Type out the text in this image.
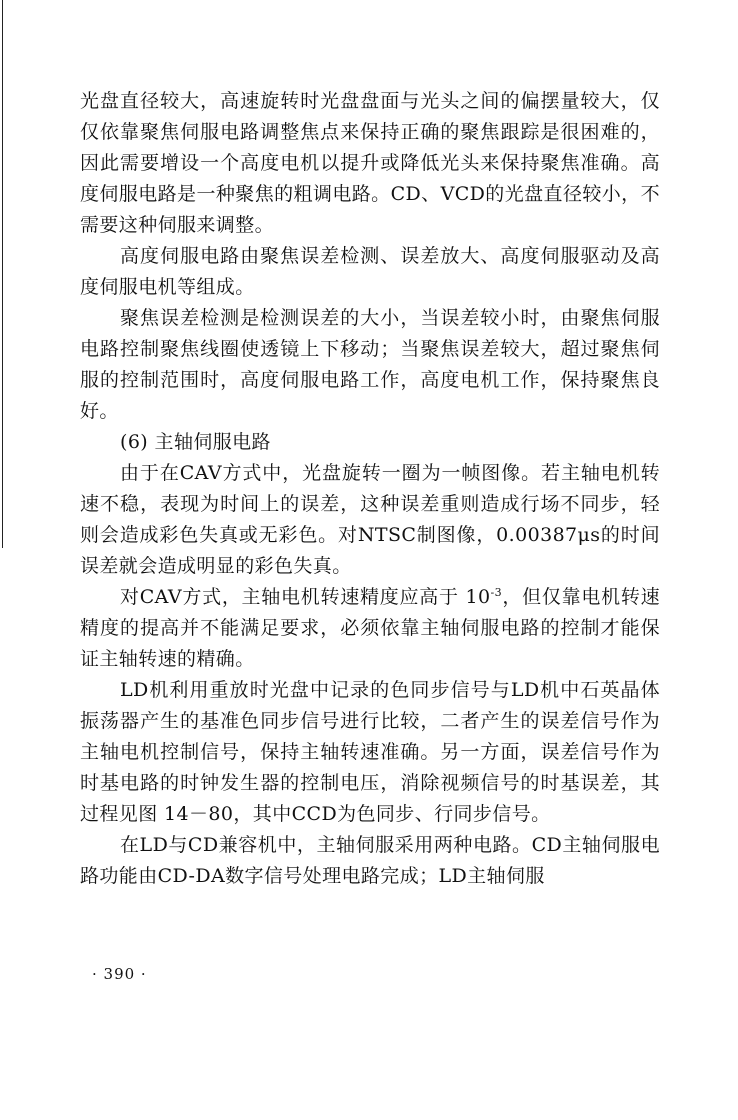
光盘直径较大，高速旋转时光盘盘面与光头之间的偏摆量较大，仅仅依靠聚焦伺服电路调整焦点来保持正确的聚焦跟踪是很困难的，因此需要增设一个高度电机以提升或降低光头来保持聚焦准确。高度伺服电路是一种聚焦的粗调电路。CD、VCD的光盘直径较小，不需要这种伺服来调整。

高度伺服电路由聚焦误差检测、误差放大、高度伺服驱动及高度伺服电机等组成。

聚焦误差检测是检测误差的大小，当误差较小时，由聚焦伺服电路控制聚焦线圈使透镜上下移动；当聚焦误差较大，超过聚焦伺服的控制范围时，高度伺服电路工作，高度电机工作，保持聚焦良好。

(6) 主轴伺服电路

由于在CAV方式中，光盘旋转一圈为一帧图像。若主轴电机转速不稳，表现为时间上的误差，这种误差重则造成行场不同步，轻则会造成彩色失真或无彩色。对NTSC制图像，0.00387μs的时间误差就会造成明显的彩色失真。

对CAV方式，主轴电机转速精度应高于 $10^{-3}$，但仅靠电机转速精度的提高并不能满足要求，必须依靠主轴伺服电路的控制才能保证主轴转速的精确。

LD机利用重放时光盘中记录的色同步信号与LD机中石英晶体振荡器产生的基准色同步信号进行比较，二者产生的误差信号作为主轴电机控制信号，保持主轴转速准确。另一方面，误差信号作为时基电路的时钟发生器的控制电压，消除视频信号的时基误差，其过程见图 14－80，其中CCD为色同步、行同步信号。

在LD与CD兼容机中，主轴伺服采用两种电路。CD主轴伺服电路功能由CD-DA数字信号处理电路完成；LD主轴伺服

· 390 ·
